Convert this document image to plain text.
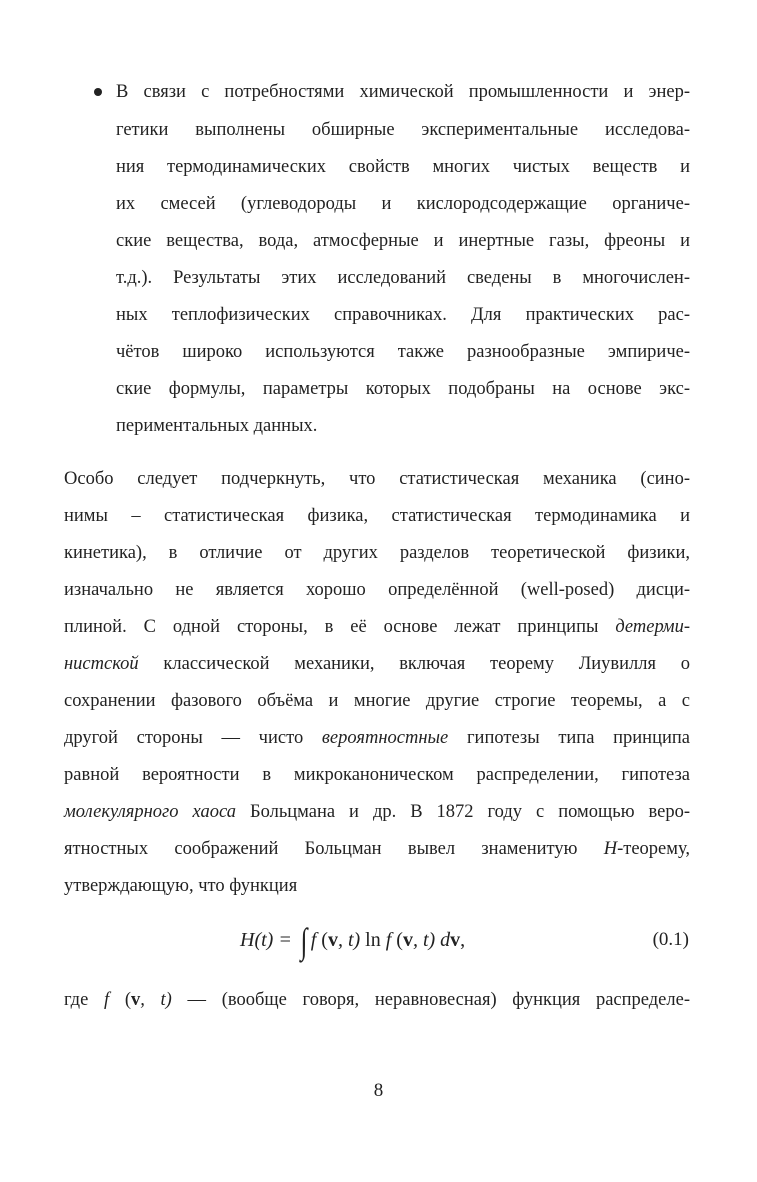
В связи с потребностями химической промышленности и энер-
гетики выполнены обширные экспериментальные исследова-
ния термодинамических свойств многих чистых веществ и
их смесей (углеводороды и кислородсодержащие органиче-
ские вещества, вода, атмосферные и инертные газы, фреоны и
т.д.). Результаты этих исследований сведены в многочислен-
ных теплофизических справочниках. Для практических рас-
чётов широко используются также разнообразные эмпириче-
ские формулы, параметры которых подобраны на основе экс-
периментальных данных.
Особо следует подчеркнуть, что статистическая механика (сино-
нимы – статистическая физика, статистическая термодинамика и
кинетика), в отличие от других разделов теоретической физики,
изначально не является хорошо определённой (well-posed) дисци-
плиной. С одной стороны, в её основе лежат принципы детерми-
нистской классической механики, включая теорему Лиувилля о
сохранении фазового объёма и многие другие строгие теоремы, а с
другой стороны — чисто вероятностные гипотезы типа принципа
равной вероятности в микроканоническом распределении, гипотеза
молекулярного хаоса Больцмана и др. В 1872 году с помощью веро-
ятностных соображений Больцман вывел знаменитую H-теорему,
утверждающую, что функция
H(t) = ∫ f (v, t) ln f (v, t) dv,	(0.1)
где f (v, t) — (вообще говоря, неравновесная) функция распределе-
8
